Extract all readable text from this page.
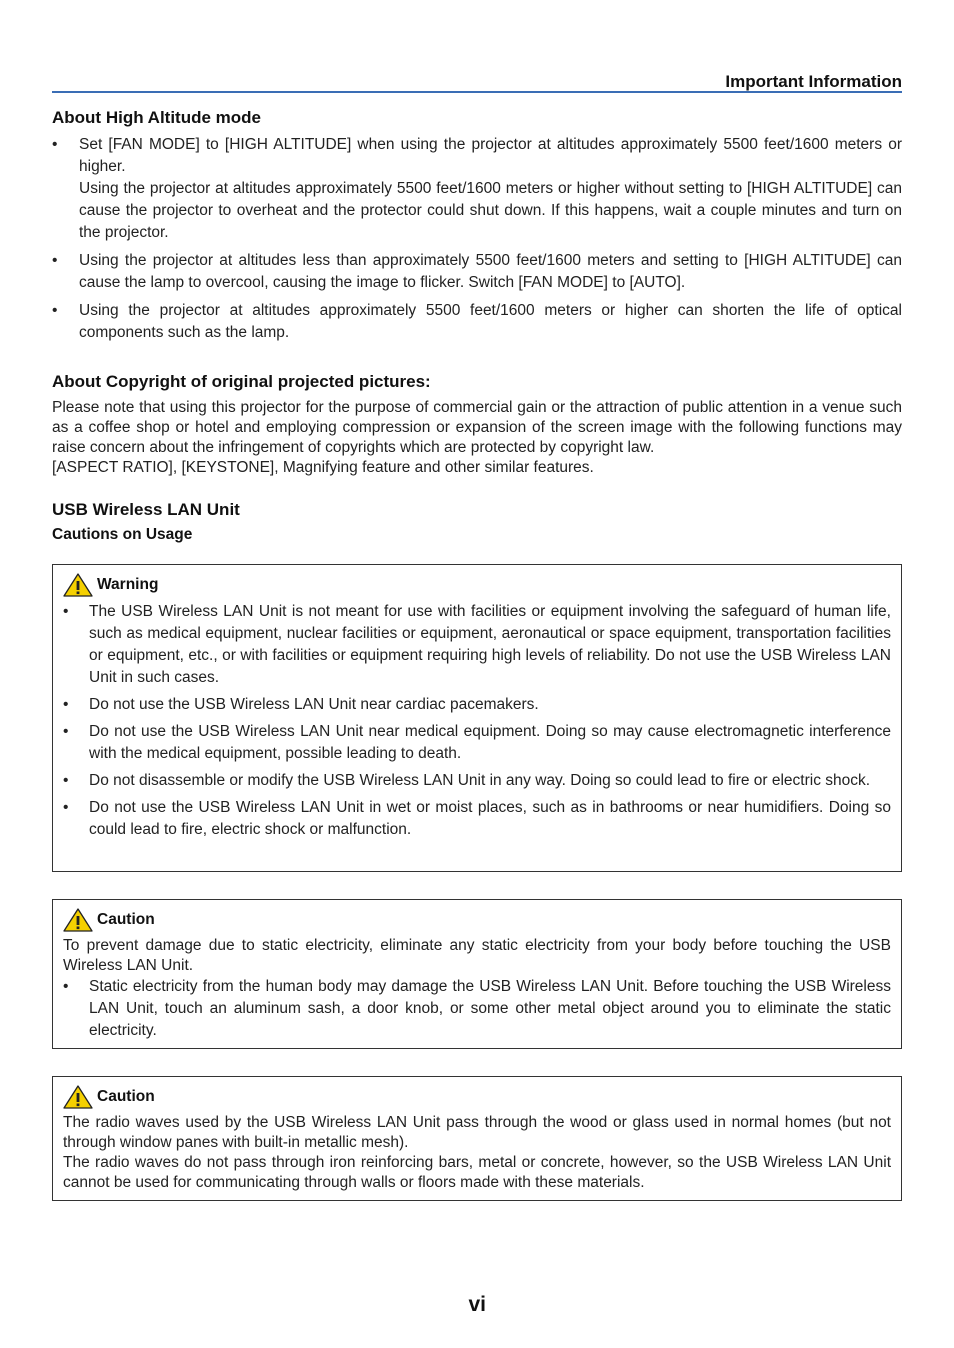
Important Information
About High Altitude mode
• Set [FAN MODE] to [HIGH ALTITUDE] when using the projector at altitudes approximately 5500 feet/1600 meters or higher.

Using the projector at altitudes approximately 5500 feet/1600 meters or higher without setting to [HIGH ALTITUDE] can cause the projector to overheat and the protector could shut down. If this happens, wait a couple minutes and turn on the projector.

• Using the projector at altitudes less than approximately 5500 feet/1600 meters and setting to [HIGH ALTITUDE] can cause the lamp to overcool, causing the image to flicker. Switch [FAN MODE] to [AUTO].

• Using the projector at altitudes approximately 5500 feet/1600 meters or higher can shorten the life of optical components such as the lamp.

About Copyright of original projected pictures:

Please note that using this projector for the purpose of commercial gain or the attraction of public attention in a venue such as a coffee shop or hotel and employing compression or expansion of the screen image with the following functions may raise concern about the infringement of copyrights which are protected by copyright law.

[ASPECT RATIO], [KEYSTONE], Magnifying feature and other similar features.

USB Wireless LAN Unit
Cautions on Usage
Warning
• The USB Wireless LAN Unit is not meant for use with facilities or equipment involving the safeguard of human life, such as medical equipment, nuclear facilities or equipment, aeronautical or space equipment, transportation facilities or equipment, etc., or with facilities or equipment requiring high levels of reliability. Do not use the USB Wireless LAN Unit in such cases.
• Do not use the USB Wireless LAN Unit near cardiac pacemakers.
• Do not use the USB Wireless LAN Unit near medical equipment. Doing so may cause electromagnetic interference with the medical equipment, possible leading to death.
• Do not disassemble or modify the USB Wireless LAN Unit in any way. Doing so could lead to fire or electric shock.
• Do not use the USB Wireless LAN Unit in wet or moist places, such as in bathrooms or near humidifiers. Doing so could lead to fire, electric shock or malfunction.
Caution

To prevent damage due to static electricity, eliminate any static electricity from your body before touching the USB Wireless LAN Unit.

• Static electricity from the human body may damage the USB Wireless LAN Unit. Before touching the USB Wireless LAN Unit, touch an aluminum sash, a door knob, or some other metal object around you to eliminate the static electricity.
Caution

The radio waves used by the USB Wireless LAN Unit pass through the wood or glass used in normal homes (but not through window panes with built-in metallic mesh).

The radio waves do not pass through iron reinforcing bars, metal or concrete, however, so the USB Wireless LAN Unit cannot be used for communicating through walls or floors made with these materials.

vi
